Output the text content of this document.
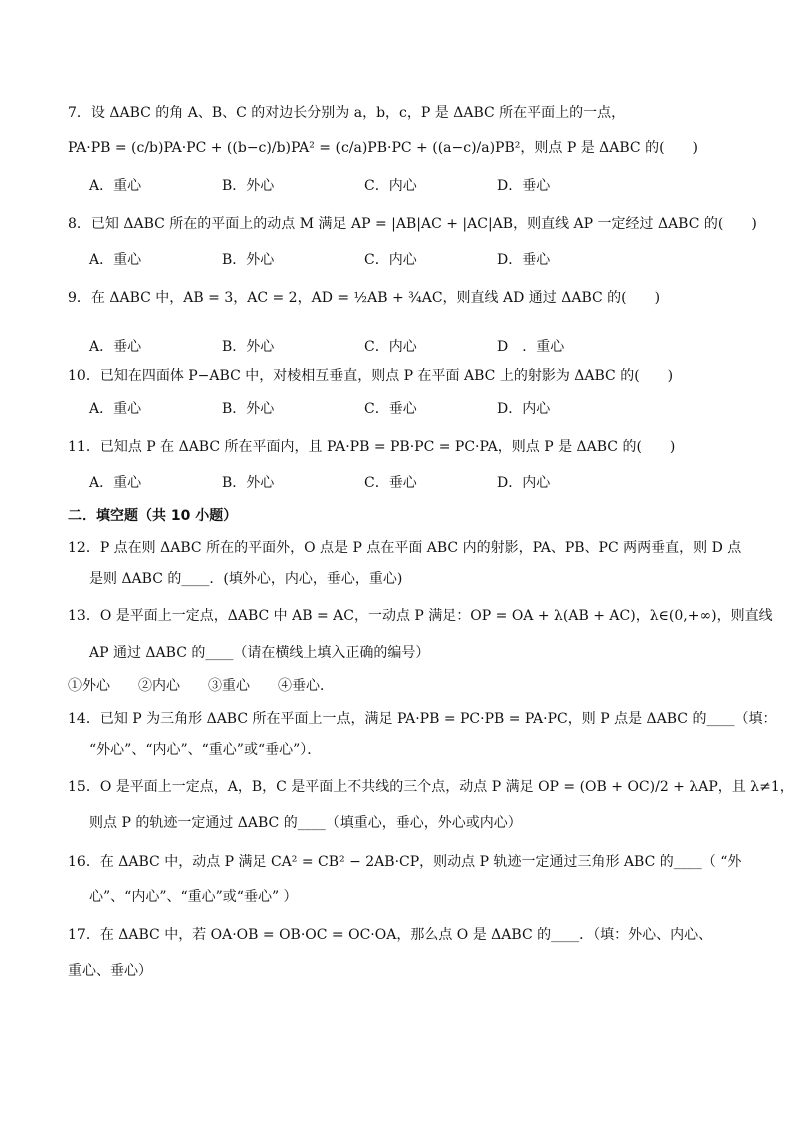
7．设 ΔABC 的角 A、B、C 的对边长分别为 a，b，c，P 是 ΔABC 所在平面上的一点，
PA·PB = (c/b)PA·PC + ((b−c)/b)PA² = (c/a)PB·PC + ((a−c)/a)PB²，则点 P 是 ΔABC 的(　　)
A．重心	B．外心	C．内心	D．垂心
8．已知 ΔABC 所在的平面上的动点 M 满足 AP = |AB|AC + |AC|AB，则直线 AP 一定经过 ΔABC 的(　　)
A．重心	B．外心	C．内心	D．垂心
9．在 ΔABC 中，AB = 3，AC = 2，AD = ½AB + ¾AC，则直线 AD 通过 ΔABC 的(　　)
A．垂心	B．外心	C．内心	D　．重心
10．已知在四面体 P−ABC 中，对棱相互垂直，则点 P 在平面 ABC 上的射影为 ΔABC 的(　　)
A．重心	B．外心	C．垂心	D．内心
11．已知点 P 在 ΔABC 所在平面内，且 PA·PB = PB·PC = PC·PA，则点 P 是 ΔABC 的(　　)
A．重心	B．外心	C．垂心	D．内心
二．填空题（共 10 小题）
12．P 点在则 ΔABC 所在的平面外，O 点是 P 点在平面 ABC 内的射影，PA、PB、PC 两两垂直，则 D 点
是则 ΔABC 的____．(填外心，内心，垂心，重心)
13．O 是平面上一定点，ΔABC 中 AB = AC，一动点 P 满足：OP = OA + λ(AB + AC)，λ∈(0,+∞)，则直线
AP 通过 ΔABC 的____（请在横线上填入正确的编号）
①外心　　②内心　　③重心　　④垂心．
14．已知 P 为三角形 ΔABC 所在平面上一点，满足 PA·PB = PC·PB = PA·PC，则 P 点是 ΔABC 的____（填：
“外心”、“内心”、“重心”或“垂心”）．
15．O 是平面上一定点，A，B，C 是平面上不共线的三个点，动点 P 满足 OP = (OB + OC)/2 + λAP，且 λ≠1，
则点 P 的轨迹一定通过 ΔABC 的____（填重心，垂心，外心或内心）
16．在 ΔABC 中，动点 P 满足 CA² = CB² − 2AB·CP，则动点 P 轨迹一定通过三角形 ABC 的____（ “外
心”、“内心”、“重心”或“垂心” ）
17．在 ΔABC 中，若 OA·OB = OB·OC = OC·OA，那么点 O 是 ΔABC 的____．（填：外心、内心、
重心、垂心）
